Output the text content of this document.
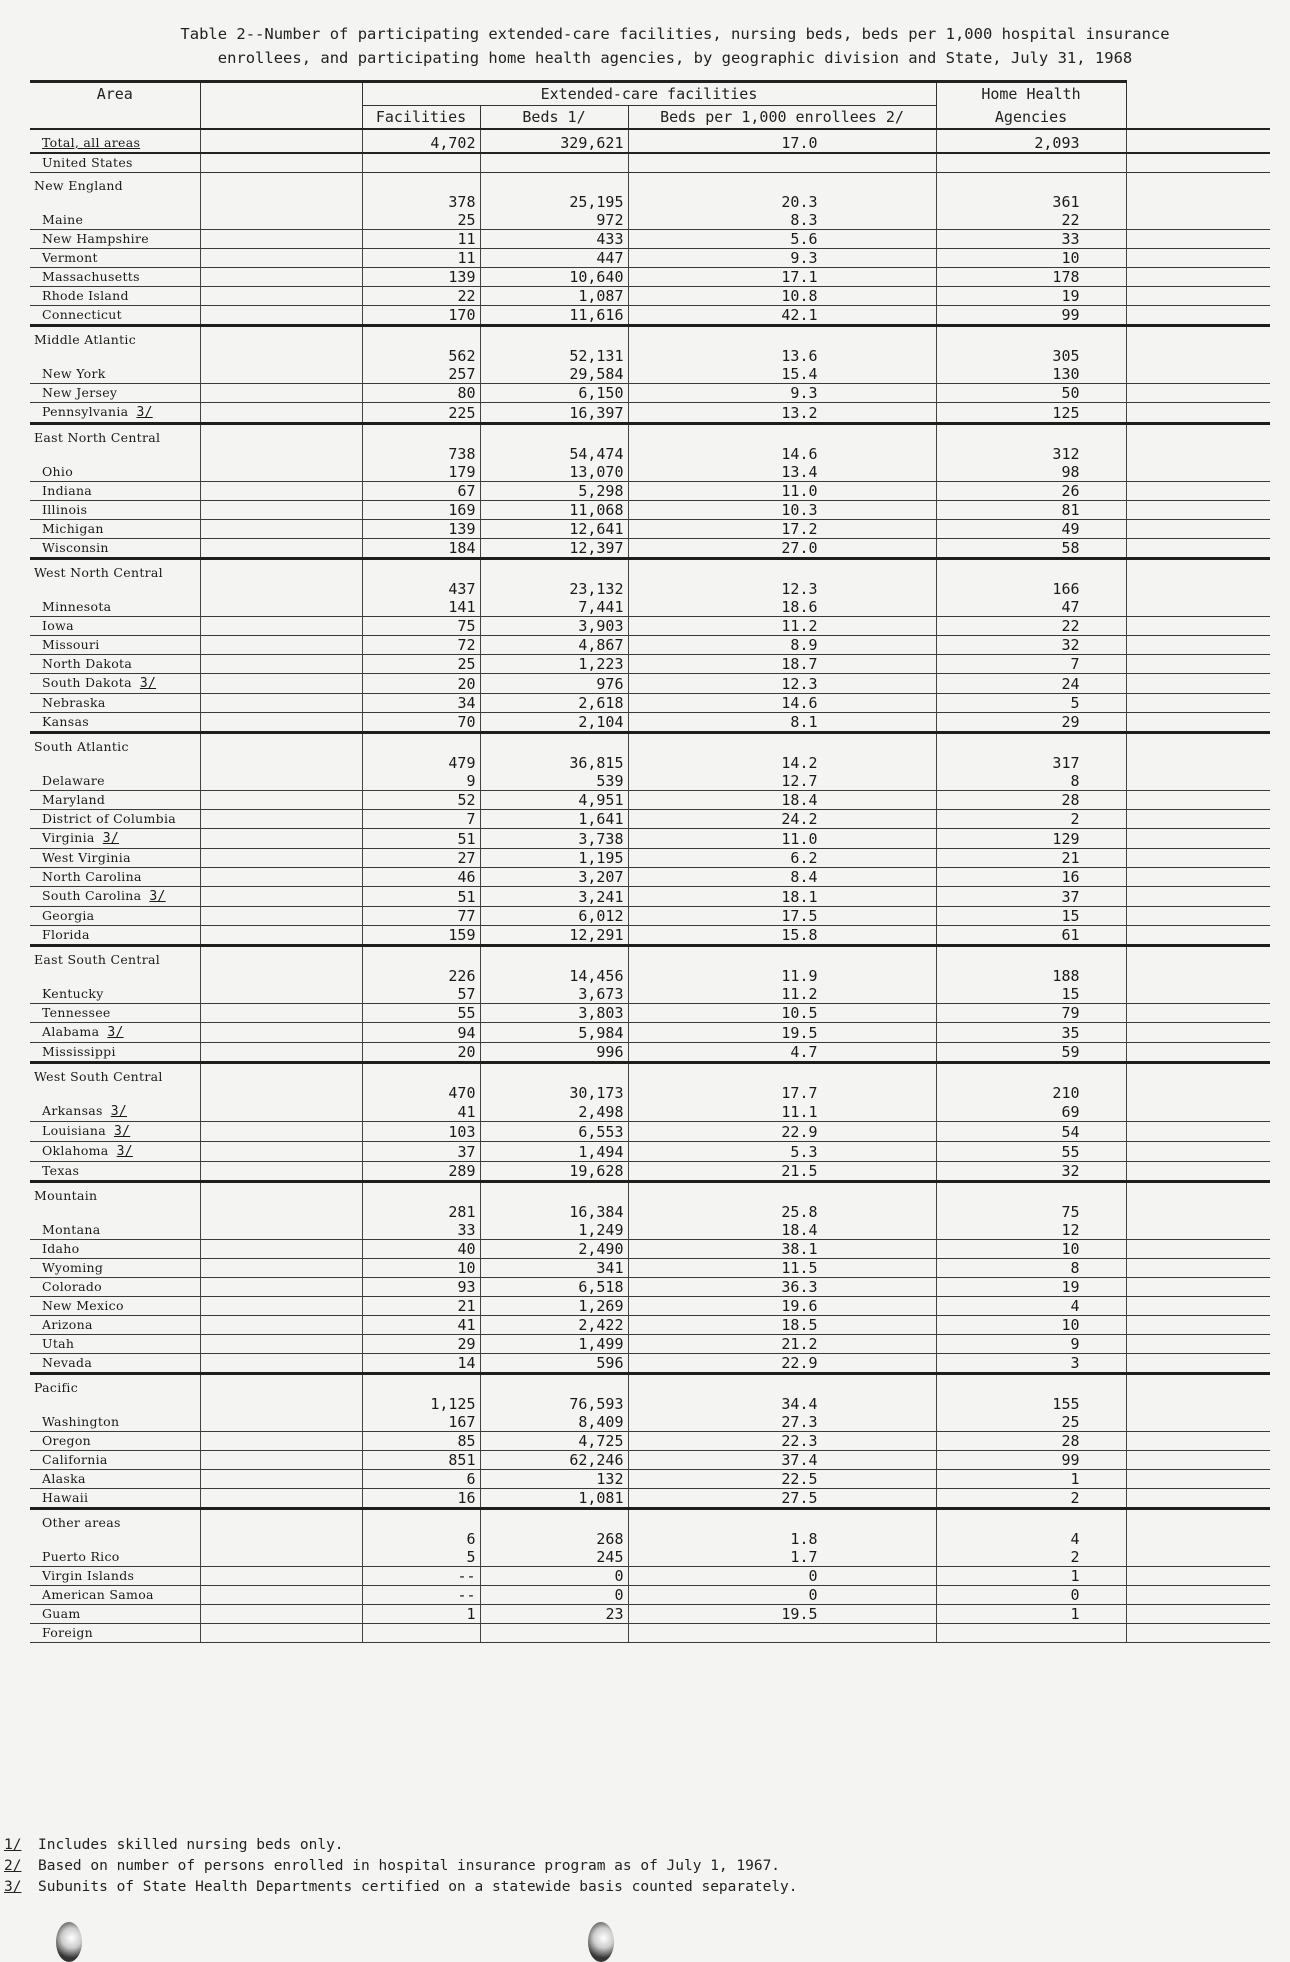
Table 2--Number of participating extended-care facilities, nursing beds, beds per 1,000 hospital insurance
enrollees, and participating home health agencies, by geographic division and State, July 31, 1968
Area		Extended-care facilities			Home Health	
		Facilities	Beds 1/	Beds per 1,000 enrollees 2/	Agencies	
Total, all areas		4,702	329,621	17.0	2,093	
United States						
New England		378	25,195	20.3	361	
Maine		25	972	8.3	22	
New Hampshire		11	433	5.6	33	
Vermont		11	447	9.3	10	
Massachusetts		139	10,640	17.1	178	
Rhode Island		22	1,087	10.8	19	
Connecticut		170	11,616	42.1	99	
Middle Atlantic		562	52,131	13.6	305	
New York		257	29,584	15.4	130	
New Jersey		80	6,150	9.3	50	
Pennsylvania 3/		225	16,397	13.2	125	
East North Central		738	54,474	14.6	312	
Ohio		179	13,070	13.4	98	
Indiana		67	5,298	11.0	26	
Illinois		169	11,068	10.3	81	
Michigan		139	12,641	17.2	49	
Wisconsin		184	12,397	27.0	58	
West North Central		437	23,132	12.3	166	
Minnesota		141	7,441	18.6	47	
Iowa		75	3,903	11.2	22	
Missouri		72	4,867	8.9	32	
North Dakota		25	1,223	18.7	7	
South Dakota 3/		20	976	12.3	24	
Nebraska		34	2,618	14.6	5	
Kansas		70	2,104	8.1	29	
South Atlantic		479	36,815	14.2	317	
Delaware		9	539	12.7	8	
Maryland		52	4,951	18.4	28	
District of Columbia		7	1,641	24.2	2	
Virginia 3/		51	3,738	11.0	129	
West Virginia		27	1,195	6.2	21	
North Carolina		46	3,207	8.4	16	
South Carolina 3/		51	3,241	18.1	37	
Georgia		77	6,012	17.5	15	
Florida		159	12,291	15.8	61	
East South Central		226	14,456	11.9	188	
Kentucky		57	3,673	11.2	15	
Tennessee		55	3,803	10.5	79	
Alabama 3/		94	5,984	19.5	35	
Mississippi		20	996	4.7	59	
West South Central		470	30,173	17.7	210	
Arkansas 3/		41	2,498	11.1	69	
Louisiana 3/		103	6,553	22.9	54	
Oklahoma 3/		37	1,494	5.3	55	
Texas		289	19,628	21.5	32	
Mountain		281	16,384	25.8	75	
Montana		33	1,249	18.4	12	
Idaho		40	2,490	38.1	10	
Wyoming		10	341	11.5	8	
Colorado		93	6,518	36.3	19	
New Mexico		21	1,269	19.6	4	
Arizona		41	2,422	18.5	10	
Utah		29	1,499	21.2	9	
Nevada		14	596	22.9	3	
Pacific		1,125	76,593	34.4	155	
Washington		167	8,409	27.3	25	
Oregon		85	4,725	22.3	28	
California		851	62,246	37.4	99	
Alaska		6	132	22.5	1	
Hawaii		16	1,081	27.5	2	
Other areas		6	268	1.8	4	
Puerto Rico		5	245	1.7	2	
Virgin Islands		--	0	0	1	
American Samoa		--	0	0	0	
Guam		1	23	19.5	1	
Foreign						
1/ Includes skilled nursing beds only.
2/ Based on number of persons enrolled in hospital insurance program as of July 1, 1967.
3/ Subunits of State Health Departments certified on a statewide basis counted separately.
